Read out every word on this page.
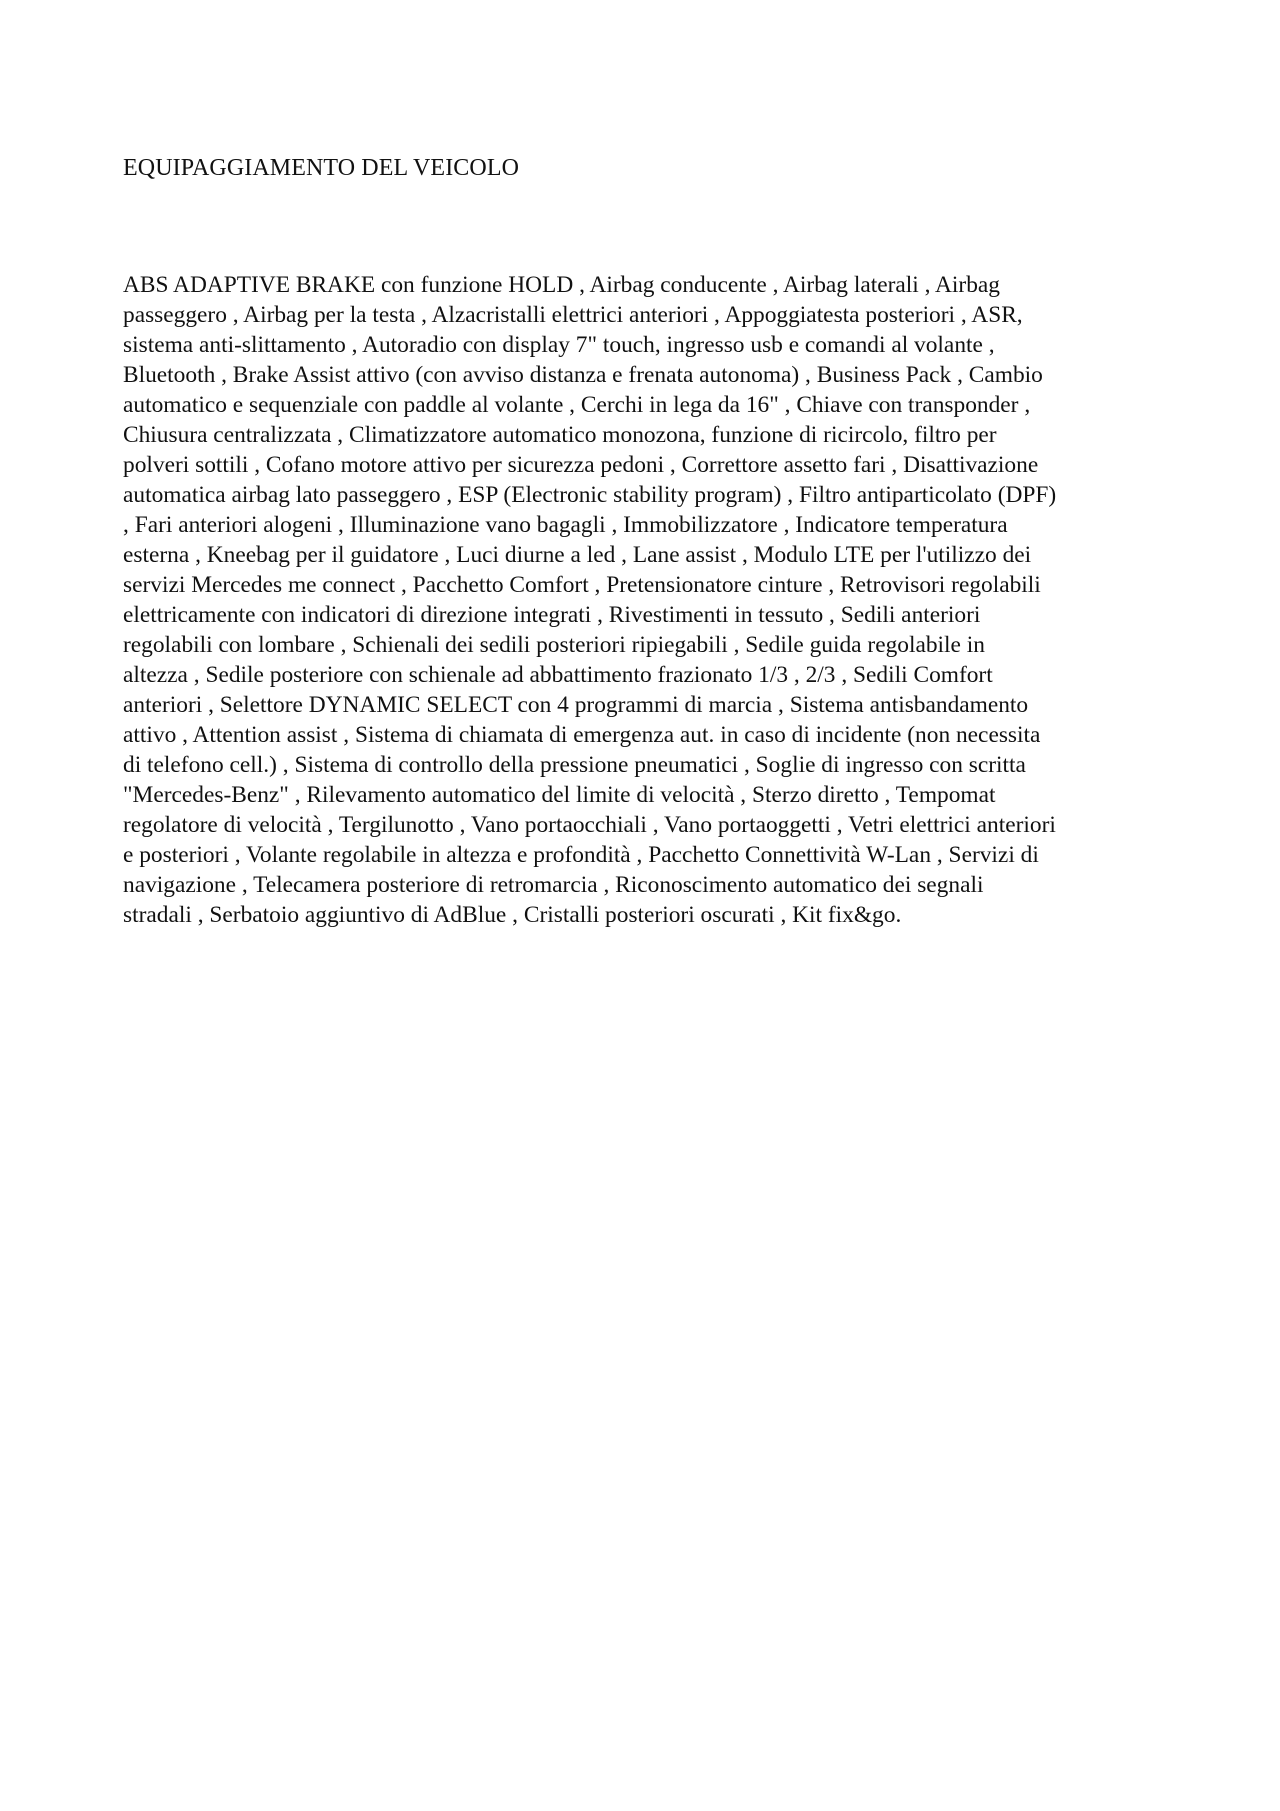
EQUIPAGGIAMENTO DEL VEICOLO

ABS ADAPTIVE BRAKE con funzione HOLD , Airbag conducente , Airbag laterali , Airbag
passeggero , Airbag per la testa , Alzacristalli elettrici anteriori , Appoggiatesta posteriori , ASR,
sistema anti-slittamento , Autoradio con display 7" touch, ingresso usb e comandi al volante ,
Bluetooth , Brake Assist attivo (con avviso distanza e frenata autonoma) , Business Pack , Cambio
automatico e sequenziale con paddle al volante , Cerchi in lega da 16" , Chiave con transponder ,
Chiusura centralizzata , Climatizzatore automatico monozona, funzione di ricircolo, filtro per
polveri sottili , Cofano motore attivo per sicurezza pedoni , Correttore assetto fari , Disattivazione
automatica airbag lato passeggero , ESP (Electronic stability program) , Filtro antiparticolato (DPF)
, Fari anteriori alogeni , Illuminazione vano bagagli , Immobilizzatore , Indicatore temperatura
esterna , Kneebag per il guidatore , Luci diurne a led , Lane assist , Modulo LTE per l'utilizzo dei
servizi Mercedes me connect , Pacchetto Comfort , Pretensionatore cinture , Retrovisori regolabili
elettricamente con indicatori di direzione integrati , Rivestimenti in tessuto , Sedili anteriori
regolabili con lombare , Schienali dei sedili posteriori ripiegabili , Sedile guida regolabile in
altezza , Sedile posteriore con schienale ad abbattimento frazionato 1/3 , 2/3 , Sedili Comfort
anteriori , Selettore DYNAMIC SELECT con 4 programmi di marcia , Sistema antisbandamento
attivo , Attention assist , Sistema di chiamata di emergenza aut. in caso di incidente (non necessita
di telefono cell.) , Sistema di controllo della pressione pneumatici , Soglie di ingresso con scritta
"Mercedes-Benz" , Rilevamento automatico del limite di velocità , Sterzo diretto , Tempomat
regolatore di velocità , Tergilunotto , Vano portaocchiali , Vano portaoggetti , Vetri elettrici anteriori
e posteriori , Volante regolabile in altezza e profondità , Pacchetto Connettività W-Lan , Servizi di
navigazione , Telecamera posteriore di retromarcia , Riconoscimento automatico dei segnali
stradali , Serbatoio aggiuntivo di AdBlue , Cristalli posteriori oscurati , Kit fix&go.
